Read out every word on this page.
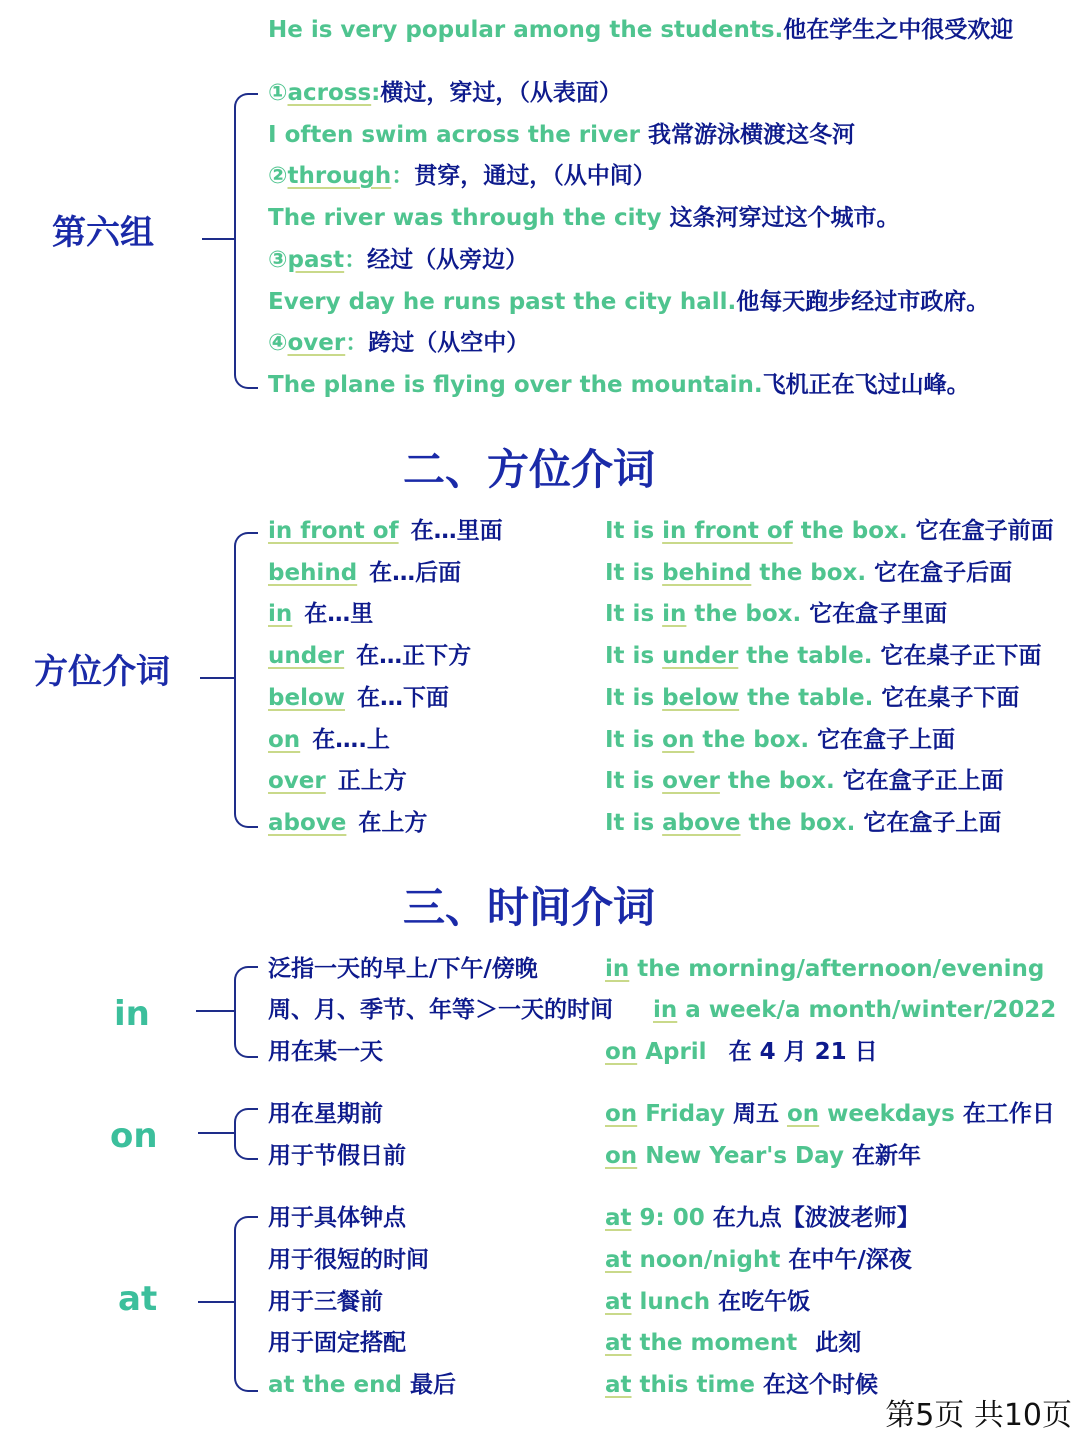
He is very popular among the students.他在学生之中很受欢迎
第六组
①across:横过，穿过，（从表面）
I often swim across the river 我常游泳横渡这冬河
②through：贯穿，通过，（从中间）
The river was through the city 这条河穿过这个城市。
③past：经过（从旁边）
Every day he runs past the city hall.他每天跑步经过市政府。
④over：跨过（从空中）
The plane is flying over the mountain.飞机正在飞过山峰。
二、方位介词
方位介词
in front of 在…里面	It is in front of the box. 它在盒子前面
behind 在…后面	It is behind the box. 它在盒子后面
in 在…里	It is in the box. 它在盒子里面
under 在…正下方	It is under the table. 它在桌子正下面
below 在…下面	It is below the table. 它在桌子下面
on 在….上	It is on the box. 它在盒子上面
over 正上方	It is over the box. 它在盒子正上面
above 在上方	It is above the box. 它在盒子上面
三、时间介词
in
泛指一天的早上/下午/傍晚	in the morning/afternoon/evening
周、月、季节、年等＞一天的时间 in a week/a month/winter/2022
用在某一天	on April 在 4 月 21 日
on
用在星期前	on Friday 周五 on weekdays 在工作日
用于节假日前	on New Year's Day 在新年
at
用于具体钟点	at 9: 00 在九点【波波老师】
用于很短的时间	at noon/night 在中午/深夜
用于三餐前	at lunch 在吃午饭
用于固定搭配	at the moment 此刻
at the end 最后	at this time 在这个时候
第5页 共10页
